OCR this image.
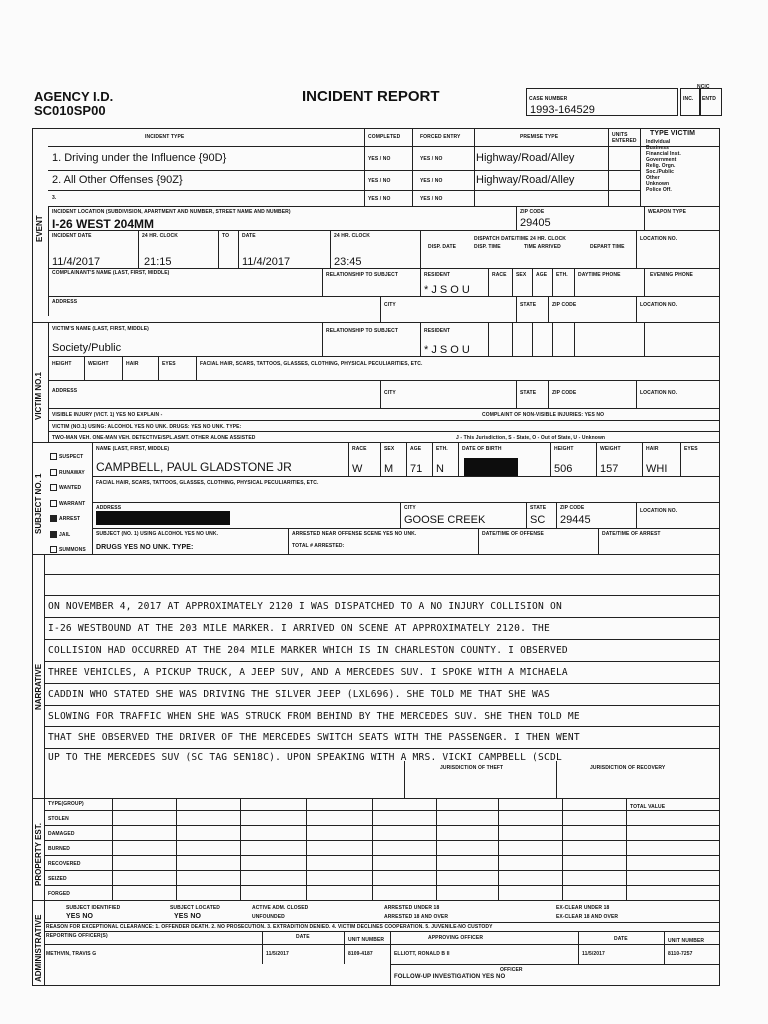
AGENCY I.D.
SC010SP00
INCIDENT REPORT
NCIC
CASE NUMBER
1993-164529
INC. ENTD
INCIDENT TYPE	COMPLETED	FORCED ENTRY	PREMISE TYPE	UNITS ENTERED
1. Driving under the Influence {90D}	YES / NO	YES / NO	Highway/Road/Alley
2. All Other Offenses {90Z}	YES / NO	YES / NO	Highway/Road/Alley
3.	YES / NO	YES / NO
TYPE VICTIM
Individual
Business
Financial Inst.
Government
Relig. Orgn.
Soc./Public
Other
Unknown
Police Off.
EVENT
INCIDENT LOCATION (SUBDIVISION, APARTMENT AND NUMBER, STREET NAME AND NUMBER)
I-26 WEST 204MM
ZIP CODE
29405
WEAPON TYPE
INCIDENT DATE	24 HR. CLOCK	TO	DATE	24 HR. CLOCK	DISPATCH DATE/TIME 24 HR. CLOCK
DISP. DATE	DISP. TIME	TIME ARRIVED	DEPART TIME
LOCATION NO.
11/4/2017	21:15	11/4/2017	23:45
COMPLAINANT'S NAME (LAST, FIRST, MIDDLE)	RELATIONSHIP TO SUBJECT	RESIDENT
* J S O U
RACE SEX AGE ETH. DAYTIME PHONE	EVENING PHONE
ADDRESS	CITY	STATE	ZIP CODE	LOCATION NO.
VICTIM NO.1
VICTIM'S NAME (LAST, FIRST, MIDDLE)
Society/Public
RELATIONSHIP TO SUBJECT	RESIDENT
* J S O U
HEIGHT	WEIGHT	HAIR	EYES	FACIAL HAIR, SCARS, TATTOOS, GLASSES, CLOTHING, PHYSICAL PECULIARITIES, ETC.
ADDRESS	CITY	STATE	ZIP CODE	LOCATION NO.
VISIBLE INJURY (VICT. 1) YES NO EXPLAIN -	COMPLAINT OF NON-VISIBLE INJURIES: YES NO
VICTIM (NO.1) USING: ALCOHOL YES NO UNK. DRUGS: YES NO UNK. TYPE:
TWO-MAN VEH. ONE-MAN VEH. DETECTIVE/SPL.ASMT. OTHER ALONE ASSISTED	J - This Jurisdiction, S - State, O - Out of State, U - Unknown
SUBJECT NO. 1
SUSPECT
RUNAWAY
WANTED
WARRANT
ARREST
JAIL
SUMMONS
NAME (LAST, FIRST, MIDDLE)
CAMPBELL, PAUL GLADSTONE JR
RACE	SEX	AGE	ETH.	DATE OF BIRTH	HEIGHT	WEIGHT	HAIR	EYES
W M 71 N	506	157	WHI
FACIAL HAIR, SCARS, TATTOOS, GLASSES, CLOTHING, PHYSICAL PECULIARITIES, ETC.
ADDRESS	CITY
GOOSE CREEK
STATE
SC
ZIP CODE
29445
LOCATION NO.
SUBJECT (NO. 1) USING ALCOHOL YES NO UNK.
DRUGS YES NO UNK. TYPE:
ARRESTED NEAR OFFENSE SCENE YES NO UNK.
TOTAL # ARRESTED:
DATE/TIME OF OFFENSE	DATE/TIME OF ARREST
NARRATIVE
ON NOVEMBER 4, 2017 AT APPROXIMATELY 2120 I WAS DISPATCHED TO A NO INJURY COLLISION ON
I-26 WESTBOUND AT THE 203 MILE MARKER. I ARRIVED ON SCENE AT APPROXIMATELY 2120. THE
COLLISION HAD OCCURRED AT THE 204 MILE MARKER WHICH IS IN CHARLESTON COUNTY. I OBSERVED
THREE VEHICLES, A PICKUP TRUCK, A JEEP SUV, AND A MERCEDES SUV. I SPOKE WITH A MICHAELA
CADDIN WHO STATED SHE WAS DRIVING THE SILVER JEEP (LXL696). SHE TOLD ME THAT SHE WAS
SLOWING FOR TRAFFIC WHEN SHE WAS STRUCK FROM BEHIND BY THE MERCEDES SUV. SHE THEN TOLD ME
THAT SHE OBSERVED THE DRIVER OF THE MERCEDES SWITCH SEATS WITH THE PASSENGER. I THEN WENT
UP TO THE MERCEDES SUV (SC TAG SEN18C). UPON SPEAKING WITH A MRS. VICKI CAMPBELL (SCDL
JURISDICTION OF THEFT	JURISDICTION OF RECOVERY
PROPERTY EST.
TYPE(GROUP)	TOTAL VALUE
STOLEN
DAMAGED
BURNED
RECOVERED
SEIZED
FORGED
ADMINISTRATIVE
SUBJECT IDENTIFIED
YES NO
SUBJECT LOCATED
YES NO
ACTIVE ADM. CLOSED
UNFOUNDED
ARRESTED UNDER 18
ARRESTED 18 AND OVER
EX-CLEAR UNDER 18
EX-CLEAR 18 AND OVER
REASON FOR EXCEPTIONAL CLEARANCE: 1. OFFENDER DEATH. 2. NO PROSECUTION. 3. EXTRADITION DENIED. 4. VICTIM DECLINES COOPERATION. 5. JUVENILE-NO CUSTODY
REPORTING OFFICER(S)	DATE	UNIT NUMBER	APPROVING OFFICER	DATE	UNIT NUMBER
METHVIN, TRAVIS G	11/5/2017	8109-4187	ELLIOTT, RONALD B II	11/5/2017	8110-7257
FOLLOW-UP INVESTIGATION YES NO
OFFICER
